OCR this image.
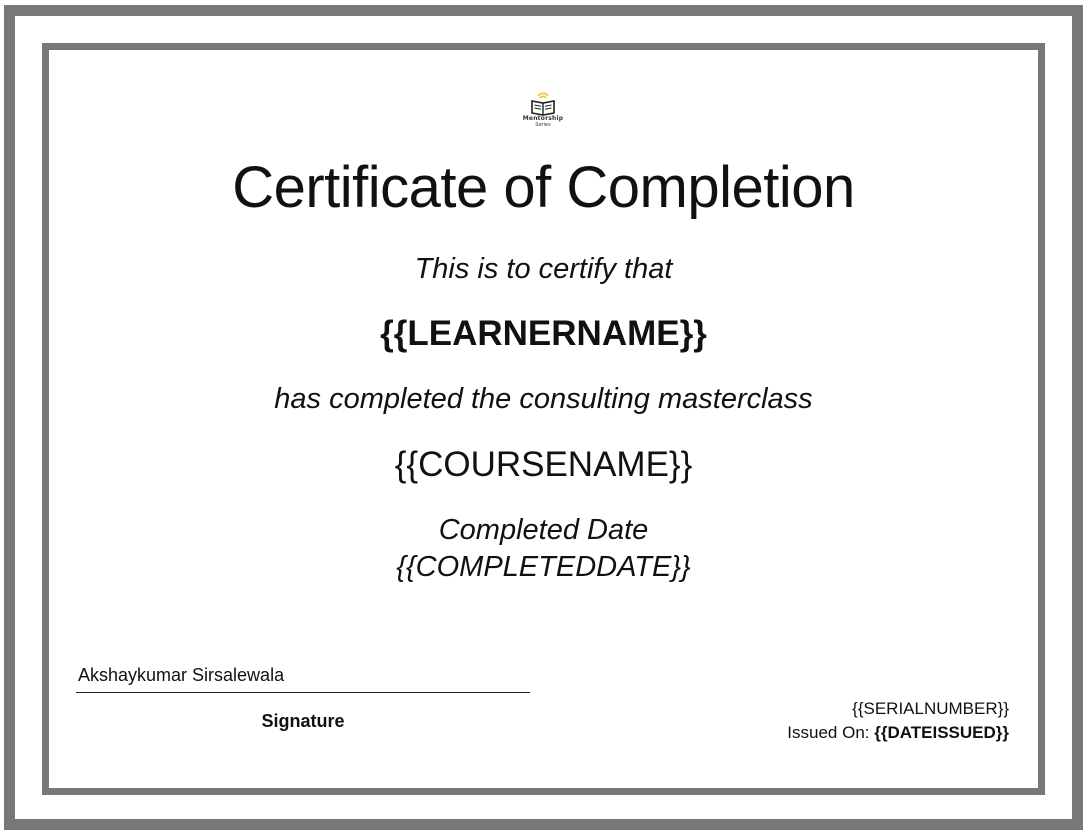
Mentorship
Series
Certificate of Completion
This is to certify that
{{LEARNERNAME}}
has completed the consulting masterclass
{{COURSENAME}}
Completed Date
{{COMPLETEDDATE}}
Akshaykumar Sirsalewala
Signature
{{SERIALNUMBER}}
Issued On: {{DATEISSUED}}
